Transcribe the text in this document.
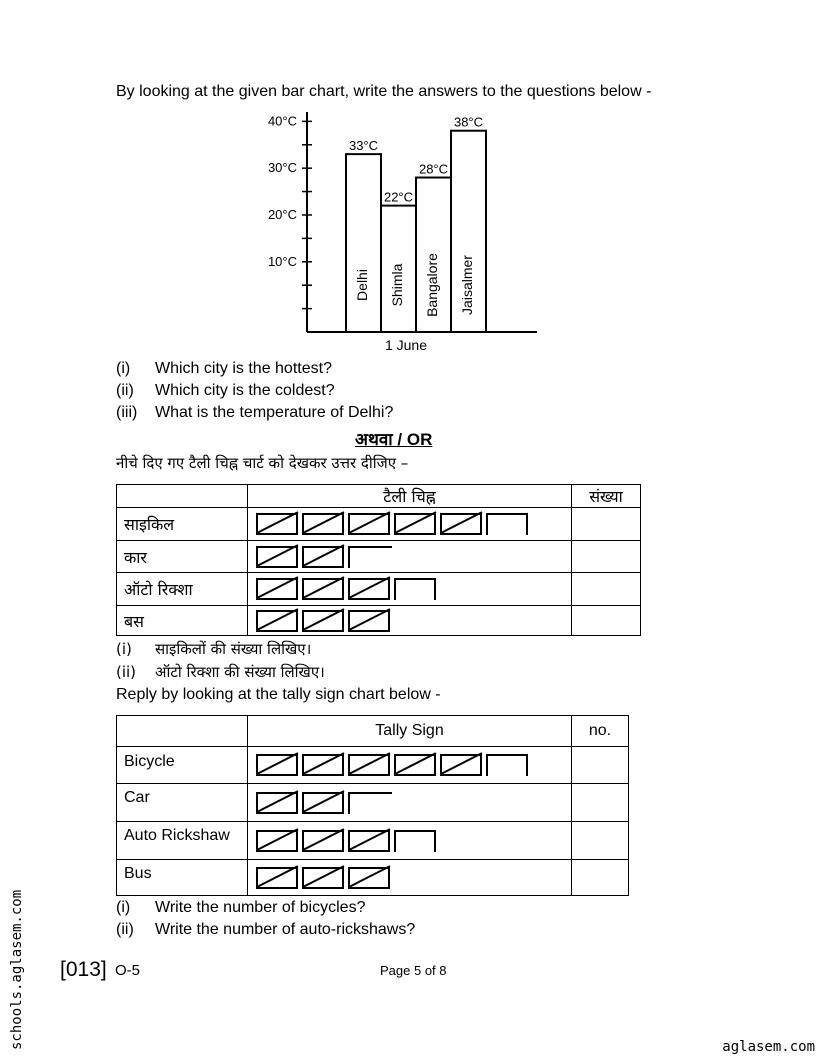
By looking at the given bar chart, write the answers to the questions below -
10°C
20°C
30°C
40°C
33°C
Delhi
22°C
Shimla
28°C
Bangalore
38°C
Jaisalmer
1 June
(i) Which city is the hottest?
(ii) Which city is the coldest?
(iii) What is the temperature of Delhi?
अथवा / OR
नीचे दिए गए टैली चिह्न चार्ट को देखकर उत्तर दीजिए –
	टैली चिह्न	संख्या
साइकिल		
कार		
ऑटो रिक्शा		
बस		
(i) साइकिलों की संख्या लिखिए।
(ii) ऑटो रिक्शा की संख्या लिखिए।
Reply by looking at the tally sign chart below -
	Tally Sign	no.
Bicycle		
Car		
Auto Rickshaw		
Bus		
(i) Write the number of bicycles?
(ii) Write the number of auto-rickshaws?
[013] O-5	Page 5 of 8
schools.aglasem.com	aglasem.com
